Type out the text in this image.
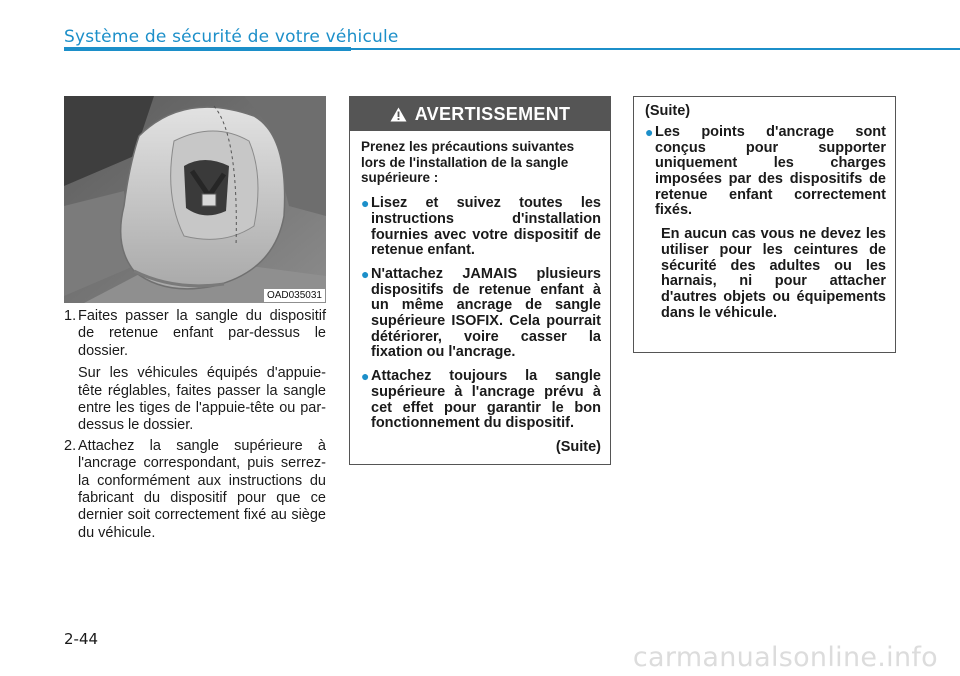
Système de sécurité de votre véhicule
OAD035031
1. Faites passer la sangle du dispositif de retenue enfant par-dessus le dossier.

Sur les véhicules équipés d'appuie-tête réglables, faites passer la sangle entre les tiges de l'appuie-tête ou par-dessus le dossier.

2. Attachez la sangle supérieure à l'ancrage correspondant, puis serrez-la conformément aux instructions du fabricant du dispositif pour que ce dernier soit correctement fixé au siège du véhicule.

AVERTISSEMENT

Prenez les précautions suivantes lors de l'installation de la sangle supérieure :

● Lisez et suivez toutes les instructions d'installation fournies avec votre dispositif de retenue enfant.
● N'attachez JAMAIS plusieurs dispositifs de retenue enfant à un même ancrage de sangle supérieure ISOFIX. Cela pourrait détériorer, voire casser la fixation ou l'ancrage.
● Attachez toujours la sangle supérieure à l'ancrage prévu à cet effet pour garantir le bon fonctionnement du dispositif.
(Suite)
(Suite)
● Les points d'ancrage sont conçus pour supporter uniquement les charges imposées par des dispositifs de retenue enfant correctement fixés.

En aucun cas vous ne devez les utiliser pour les ceintures de sécurité des adultes ou les harnais, ni pour attacher d'autres objets ou équipements dans le véhicule.

2-44
carmanualsonline.info
